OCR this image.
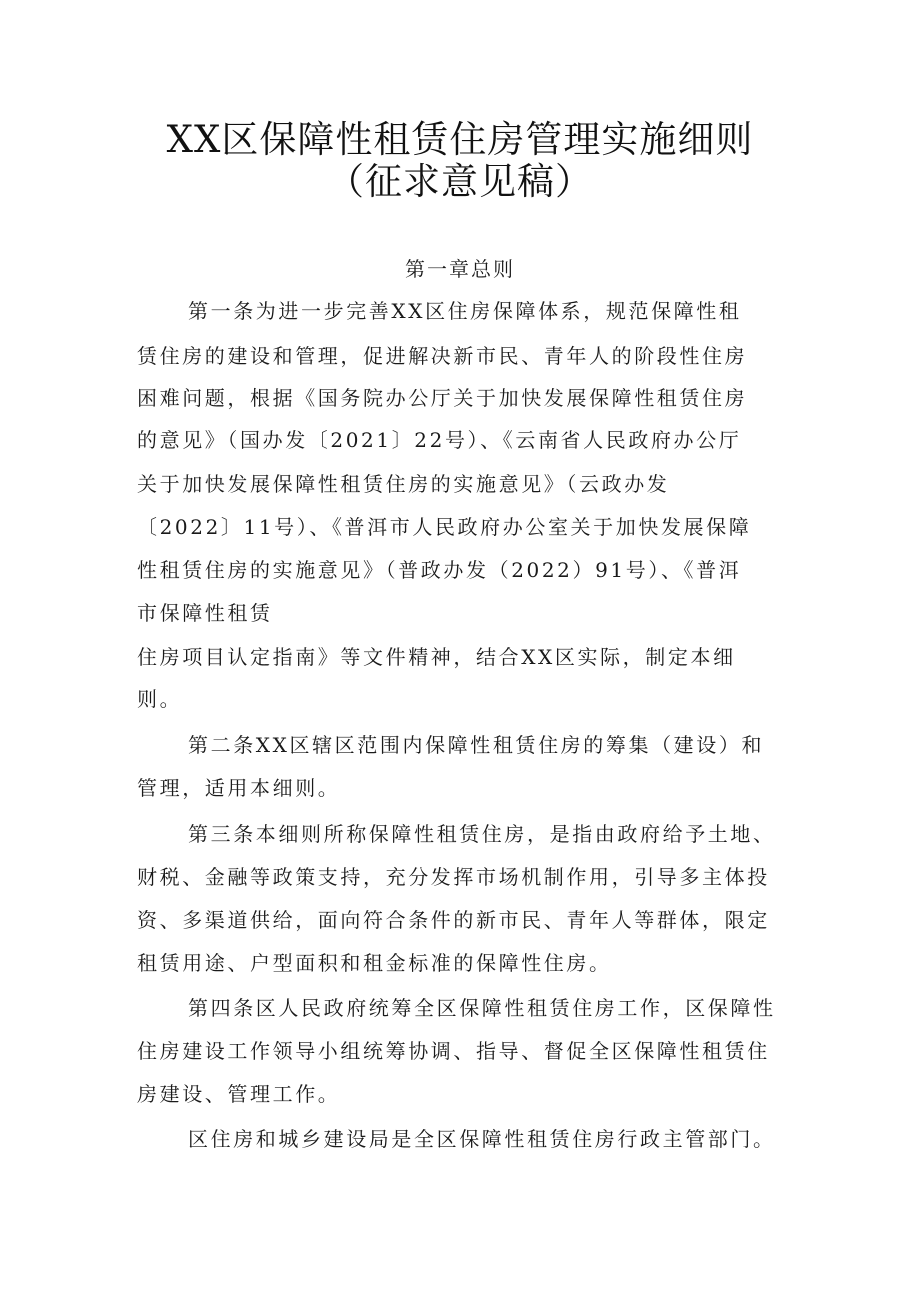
XX区保障性租赁住房管理实施细则
（征求意见稿）
第一章总则
第一条为进一步完善XX区住房保障体系，规范保障性租
赁住房的建设和管理，促进解决新市民、青年人的阶段性住房
困难问题，根据《国务院办公厅关于加快发展保障性租赁住房
的意见》（国办发〔2021〕22号）、《云南省人民政府办公厅
关于加快发展保障性租赁住房的实施意见》（云政办发
〔2022〕11号）、《普洱市人民政府办公室关于加快发展保障
性租赁住房的实施意见》（普政办发（2022）91号）、《普洱
市保障性租赁
住房项目认定指南》等文件精神，结合XX区实际，制定本细
则。
第二条XX区辖区范围内保障性租赁住房的筹集（建设）和
管理，适用本细则。
第三条本细则所称保障性租赁住房，是指由政府给予土地、
财税、金融等政策支持，充分发挥市场机制作用，引导多主体投
资、多渠道供给，面向符合条件的新市民、青年人等群体，限定
租赁用途、户型面积和租金标准的保障性住房。
第四条区人民政府统筹全区保障性租赁住房工作，区保障性
住房建设工作领导小组统筹协调、指导、督促全区保障性租赁住
房建设、管理工作。
区住房和城乡建设局是全区保障性租赁住房行政主管部门。
